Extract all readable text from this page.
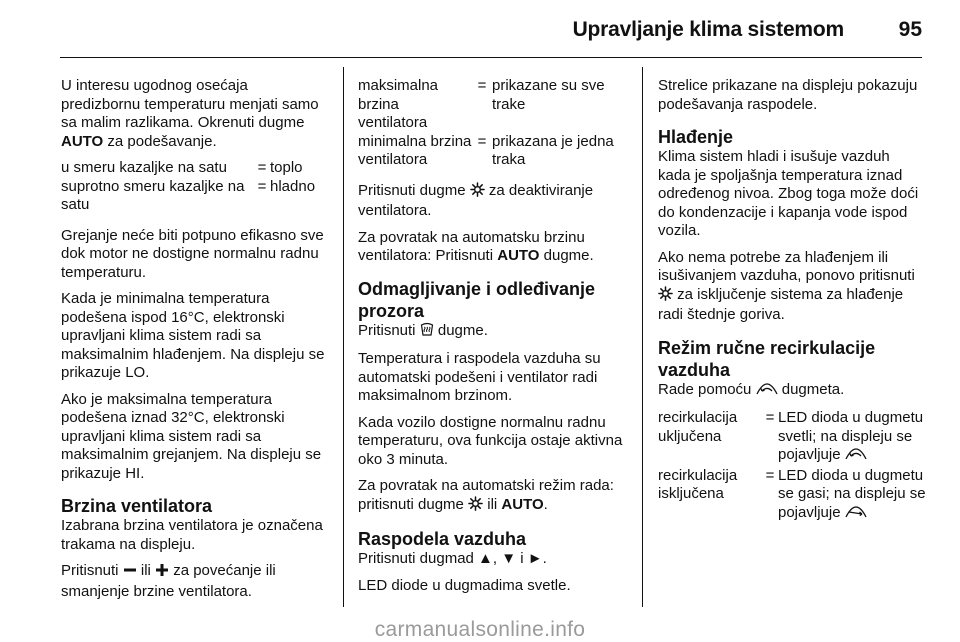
Upravljanje klima sistemom	95

U interesu ugodnog osećaja predizbornu temperaturu menjati samo sa malim razlikama. Okrenuti dugme AUTO za podešavanje.

u smeru kazaljke na satu	= toplo
suprotno smeru kazaljke na satu
= hladno

Grejanje neće biti potpuno efikasno sve dok motor ne dostigne normalnu radnu temperaturu.

Kada je minimalna temperatura podešena ispod 16°C, elektronski upravljani klima sistem radi sa maksimalnim hlađenjem. Na displeju se prikazuje LO.

Ako je maksimalna temperatura podešena iznad 32°C, elektronski upravljani klima sistem radi sa maksimalnim grejanjem. Na displeju se prikazuje HI.

Brzina ventilatora

Izabrana brzina ventilatora je označena trakama na displeju.

Pritisnuti  ili  za povećanje ili smanjenje brzine ventilatora.

maksimalna brzina ventilatora
= prikazane su sve trake
minimalna brzina ventilatora
= prikazana je jedna traka

Pritisnuti dugme  za deaktiviranje ventilatora.

Za povratak na automatsku brzinu ventilatora: Pritisnuti AUTO dugme.

Odmagljivanje i odleđivanje prozora

Pritisnuti  dugme.

Temperatura i raspodela vazduha su automatski podešeni i ventilator radi maksimalnom brzinom.

Kada vozilo dostigne normalnu radnu temperaturu, ova funkcija ostaje aktivna oko 3 minuta.

Za povratak na automatski režim rada: pritisnuti dugme  ili AUTO.

Raspodela vazduha

Pritisnuti dugmad ▲, ▼ i ►.

LED diode u dugmadima svetle.

Strelice prikazane na displeju pokazuju podešavanja raspodele.

Hlađenje

Klima sistem hladi i isušuje vazduh kada je spoljašnja temperatura iznad određenog nivoa. Zbog toga može doći do kondenzacije i kapanja vode ispod vozila.

Ako nema potrebe za hlađenjem ili isušivanjem vazduha, ponovo pritisnuti  za isključenje sistema za hlađenje radi štednje goriva.

Režim ručne recirkulacije vazduha

Rade pomoću  dugmeta.

recirkulacija uključena
= LED dioda u dugmetu svetli; na displeju se pojavljuje
recirkulacija isključena
= LED dioda u dugmetu se gasi; na displeju se pojavljuje
carmanualsonline.info
